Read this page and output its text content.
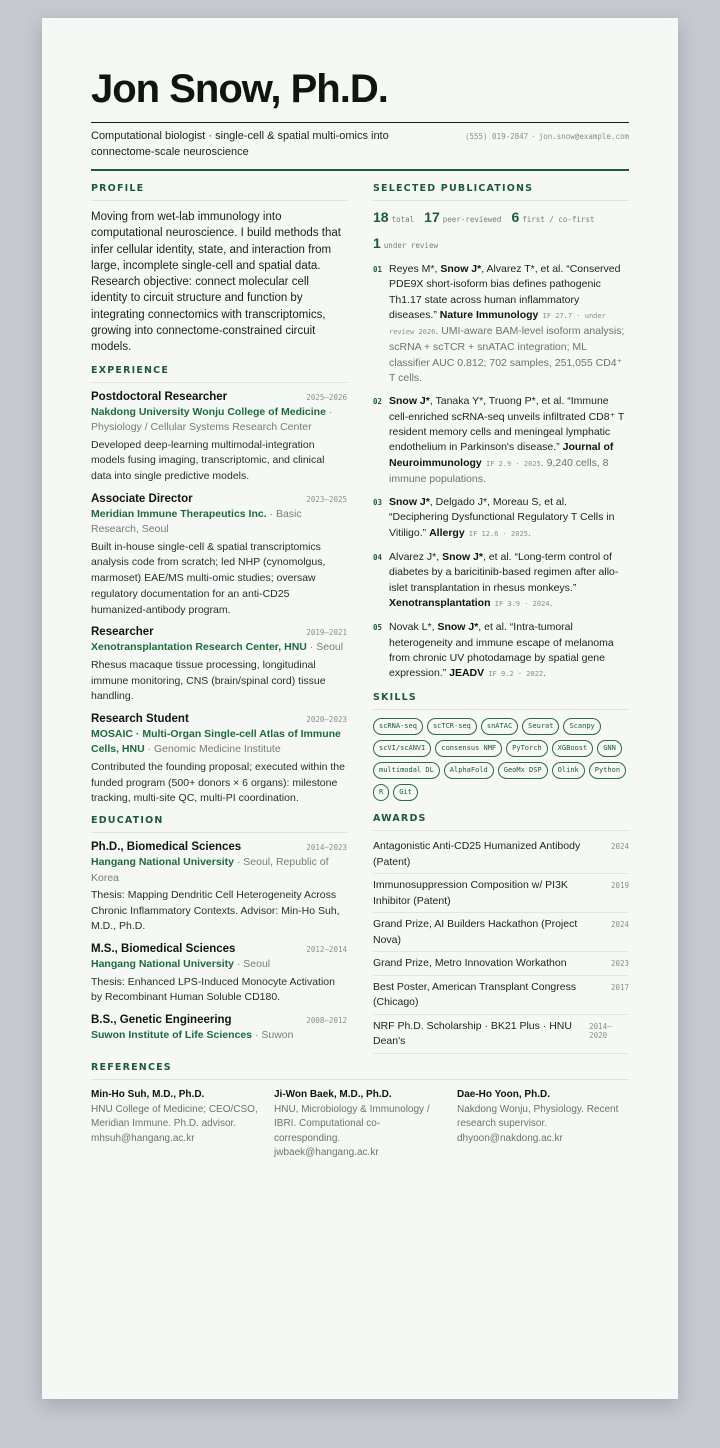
Jon Snow, Ph.D.
Computational biologist · single-cell & spatial multi-omics into connectome-scale neuroscience
(555) 019-2847 · jon.snow@example.com
PROFILE
Moving from wet-lab immunology into computational neuroscience. I build methods that infer cellular identity, state, and interaction from large, incomplete single-cell and spatial data. Research objective: connect molecular cell identity to circuit structure and function by integrating connectomics with transcriptomics, growing into connectome-constrained circuit models.
EXPERIENCE
Postdoctoral Researcher	2025–2026
Nakdong University Wonju College of Medicine · Physiology / Cellular Systems Research Center
Developed deep-learning multimodal-integration models fusing imaging, transcriptomic, and clinical data into single predictive models.
Associate Director	2023–2025
Meridian Immune Therapeutics Inc. · Basic Research, Seoul
Built in-house single-cell & spatial transcriptomics analysis code from scratch; led NHP (cynomolgus, marmoset) EAE/MS multi-omic studies; oversaw regulatory documentation for an anti-CD25 humanized-antibody program.
Researcher	2019–2021
Xenotransplantation Research Center, HNU · Seoul
Rhesus macaque tissue processing, longitudinal immune monitoring, CNS (brain/spinal cord) tissue handling.
Research Student	2020–2023
MOSAIC · Multi-Organ Single-cell Atlas of Immune Cells, HNU · Genomic Medicine Institute
Contributed the founding proposal; executed within the funded program (500+ donors × 6 organs): milestone tracking, multi-site QC, multi-PI coordination.
EDUCATION
Ph.D., Biomedical Sciences	2014–2023
Hangang National University · Seoul, Republic of Korea
Thesis: Mapping Dendritic Cell Heterogeneity Across Chronic Inflammatory Contexts. Advisor: Min-Ho Suh, M.D., Ph.D.
M.S., Biomedical Sciences	2012–2014
Hangang National University · Seoul
Thesis: Enhanced LPS-Induced Monocyte Activation by Recombinant Human Soluble CD180.
B.S., Genetic Engineering	2008–2012
Suwon Institute of Life Sciences · Suwon
SELECTED PUBLICATIONS
18 total 17 peer-reviewed 6 first / co-first
1 under review
01 Reyes M*, Snow J*, Alvarez T*, et al. “Conserved PDE9X short-isoform bias defines pathogenic Th1.17 state across human inflammatory diseases.” Nature Immunology IF 27.7 · under review 2026. UMI-aware BAM-level isoform analysis; scRNA + scTCR + snATAC integration; ML classifier AUC 0.812; 702 samples, 251,055 CD4⁺ T cells.
02 Snow J*, Tanaka Y*, Truong P*, et al. “Immune cell-enriched scRNA-seq unveils infiltrated CD8⁺ T resident memory cells and meningeal lymphatic endothelium in Parkinson's disease.” Journal of Neuroimmunology IF 2.9 · 2025. 9,240 cells, 8 immune populations.
03 Snow J*, Delgado J*, Moreau S, et al. “Deciphering Dysfunctional Regulatory T Cells in Vitiligo.” Allergy IF 12.6 · 2025.
04 Alvarez J*, Snow J*, et al. “Long-term control of diabetes by a baricitinib-based regimen after allo-islet transplantation in rhesus monkeys.” Xenotransplantation IF 3.9 · 2024.
05 Novak L*, Snow J*, et al. “Intra-tumoral heterogeneity and immune escape of melanoma from chronic UV photodamage by spatial gene expression.” JEADV IF 9.2 · 2022.
SKILLS
scRNA-seq	scTCR-seq	snATAC	Seurat	Scanpy
scVI/scANVI	consensus NMF	PyTorch	XGBoost	GNN
multimodal DL	AlphaFold	GeoMx DSP	Olink	Python
R	Git
AWARDS
Antagonistic Anti-CD25 Humanized Antibody (Patent)
2024
Immunosuppression Composition w/ PI3K Inhibitor (Patent)
2019
Grand Prize, AI Builders Hackathon (Project Nova)
2024
Grand Prize, Metro Innovation Workathon	2023
Best Poster, American Transplant Congress (Chicago)
2017
NRF Ph.D. Scholarship · BK21 Plus · HNU Dean's
2014–2020
REFERENCES
Min-Ho Suh, M.D., Ph.D.
HNU College of Medicine; CEO/CSO, Meridian Immune. Ph.D. advisor.
mhsuh@hangang.ac.kr
Ji-Won Baek, M.D., Ph.D.
HNU, Microbiology & Immunology / IBRI. Computational co-corresponding.
jwbaek@hangang.ac.kr
Dae-Ho Yoon, Ph.D.
Nakdong Wonju, Physiology. Recent research supervisor.
dhyoon@nakdong.ac.kr
